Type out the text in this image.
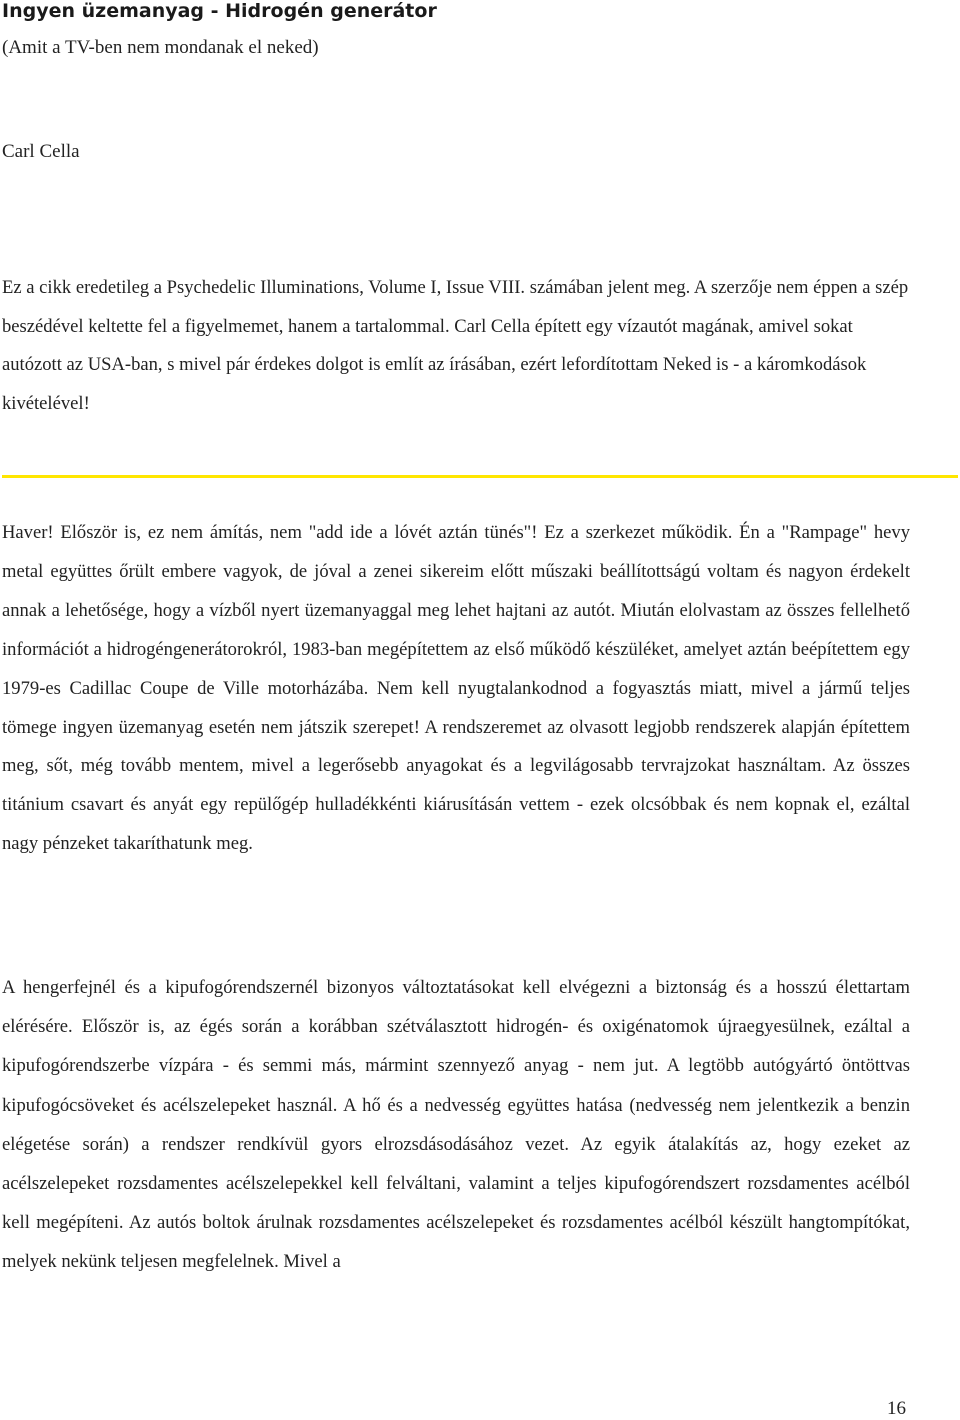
Ingyen üzemanyag - Hidrogén generátor
(Amit a TV-ben nem mondanak el neked)
Carl Cella

Ez a cikk eredetileg a Psychedelic Illuminations, Volume I, Issue VIII. számában jelent meg. A szerzője nem éppen a szép beszédével keltette fel a figyelmemet, hanem a tartalommal. Carl Cella épített egy vízautót magának, amivel sokat autózott az USA-ban, s mivel pár érdekes dolgot is említ az írásában, ezért lefordítottam Neked is - a káromkodások kivételével!

Haver! Először is, ez nem ámítás, nem "add ide a lóvét aztán tünés"! Ez a szerkezet működik. Én a "Rampage" hevy metal együttes őrült embere vagyok, de jóval a zenei sikereim előtt műszaki beállítottságú voltam és nagyon érdekelt annak a lehetősége, hogy a vízből nyert üzemanyaggal meg lehet hajtani az autót. Miután elolvastam az összes fellelhető információt a hidrogéngenerátorokról, 1983-ban megépítettem az első működő készüléket, amelyet aztán beépítettem egy 1979-es Cadillac Coupe de Ville motorházába. Nem kell nyugtalankodnod a fogyasztás miatt, mivel a jármű teljes tömege ingyen üzemanyag esetén nem játszik szerepet! A rendszeremet az olvasott legjobb rendszerek alapján építettem meg, sőt, még tovább mentem, mivel a legerősebb anyagokat és a legvilágosabb tervrajzokat használtam. Az összes titánium csavart és anyát egy repülőgép hulladékkénti kiárusításán vettem - ezek olcsóbbak és nem kopnak el, ezáltal nagy pénzeket takaríthatunk meg.

A hengerfejnél és a kipufogórendszernél bizonyos változtatásokat kell elvégezni a biztonság és a hosszú élettartam elérésére. Először is, az égés során a korábban szétválasztott hidrogén- és oxigénatomok újraegyesülnek, ezáltal a kipufogórendszerbe vízpára - és semmi más, mármint szennyező anyag - nem jut. A legtöbb autógyártó öntöttvas kipufogócsöveket és acélszelepeket használ. A hő és a nedvesség együttes hatása (nedvesség nem jelentkezik a benzin elégetése során) a rendszer rendkívül gyors elrozsdásodásához vezet. Az egyik átalakítás az, hogy ezeket az acélszelepeket rozsdamentes acélszelepekkel kell felváltani, valamint a teljes kipufogórendszert rozsdamentes acélból kell megépíteni. Az autós boltok árulnak rozsdamentes acélszelepeket és rozsdamentes acélból készült hangtompítókat, melyek nekünk teljesen megfelelnek. Mivel a

16
